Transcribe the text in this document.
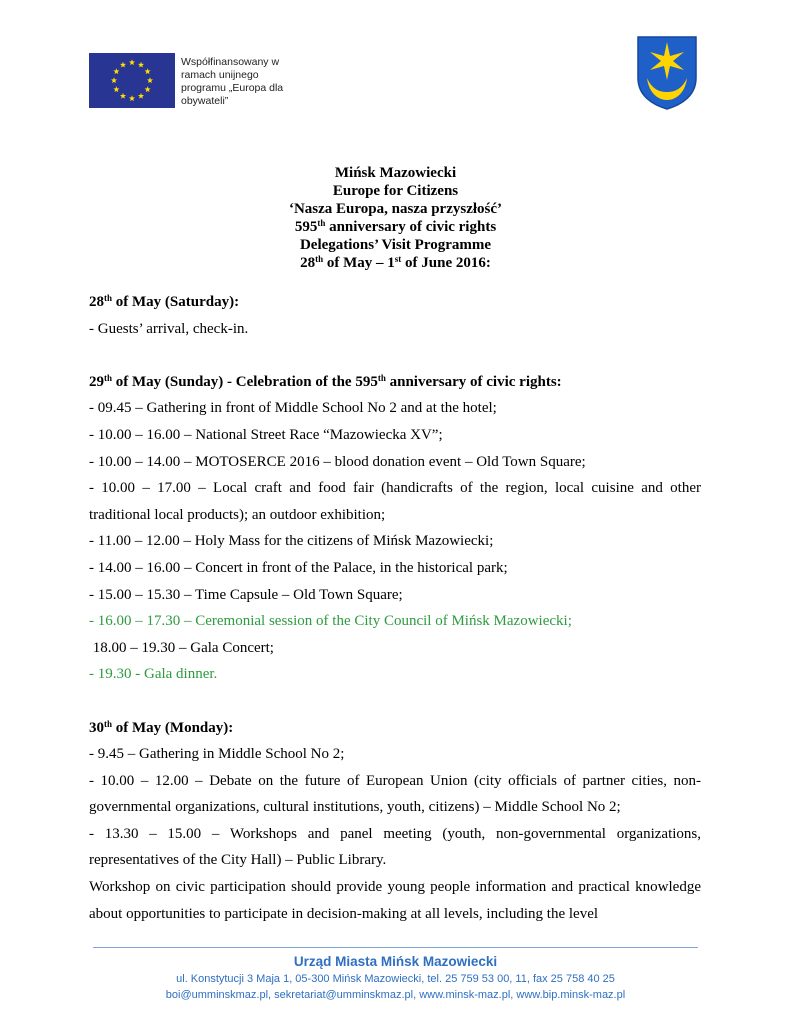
Współfinansowany w
ramach unijnego
programu „Europa dla
obywateli”
Mińsk Mazowiecki
Europe for Citizens
‘Nasza Europa, nasza przyszłość’
595th anniversary of civic rights
Delegations’ Visit Programme
28th of May – 1st of June 2016:

28th of May (Saturday):

- Guests’ arrival, check-in.

29th of May (Sunday) - Celebration of the 595th anniversary of civic rights:

- 09.45 – Gathering in front of Middle School No 2 and at the hotel;

- 10.00 – 16.00 – National Street Race “Mazowiecka XV”;

- 10.00 – 14.00 – MOTOSERCE 2016 – blood donation event – Old Town Square;

- 10.00 – 17.00 – Local craft and food fair (handicrafts of the region, local cuisine and other traditional local products); an outdoor exhibition;

- 11.00 – 12.00 – Holy Mass for the citizens of Mińsk Mazowiecki;

- 14.00 – 16.00 – Concert in front of the Palace, in the historical park;

- 15.00 – 15.30 – Time Capsule – Old Town Square;

- 16.00 – 17.30 – Ceremonial session of the City Council of Mińsk Mazowiecki;

18.00 – 19.30 – Gala Concert;

- 19.30 - Gala dinner.

30th of May (Monday):

- 9.45 – Gathering in Middle School No 2;

- 10.00 – 12.00 – Debate on the future of European Union (city officials of partner cities, non-governmental organizations, cultural institutions, youth, citizens) – Middle School No 2;

- 13.30 – 15.00 – Workshops and panel meeting (youth, non-governmental organizations, representatives of the City Hall) – Public Library.

Workshop on civic participation should provide young people information and practical knowledge about opportunities to participate in decision-making at all levels, including the level

Urząd Miasta Mińsk Mazowiecki
ul. Konstytucji 3 Maja 1, 05-300 Mińsk Mazowiecki, tel. 25 759 53 00, 11, fax 25 758 40 25
boi@umminskmaz.pl, sekretariat@umminskmaz.pl, www.minsk-maz.pl, www.bip.minsk-maz.pl
